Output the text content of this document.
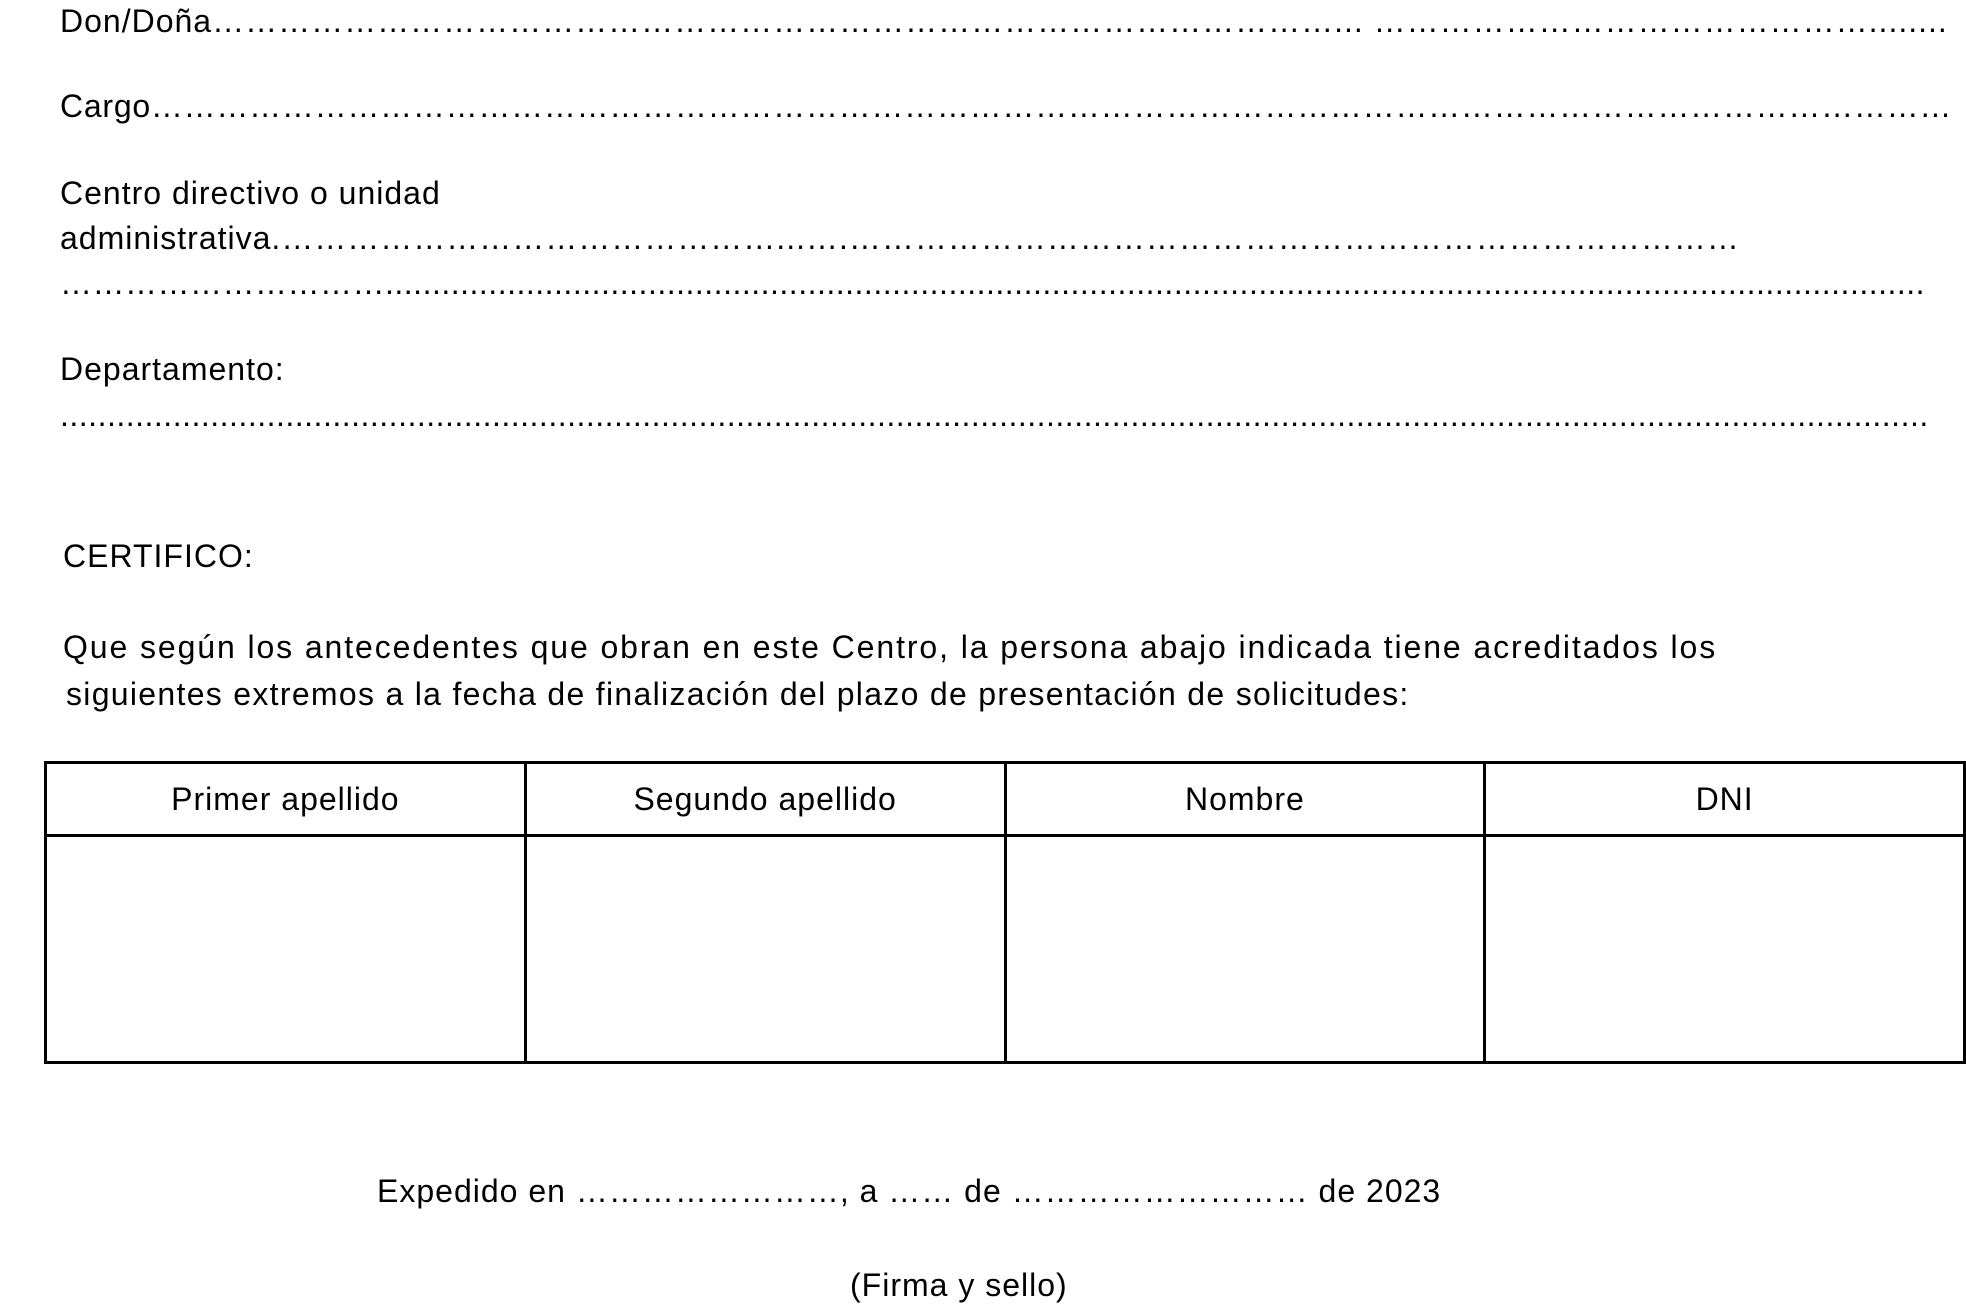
Don/Doña…………………………………………………………………………………………... ………………………………………........
Cargo…………………………………………………………………………………………………………………………………………………
Centro directivo o unidad
administrativa.………………………………………...….………………………………………………………………………
…………………………....................................................................................................................................................................
Departamento:
.......................................................................................................................................................................................................
CERTIFICO:
Que según los antecedentes que obran en este Centro, la persona abajo indicada tiene acreditados los
siguientes extremos a la fecha de finalización del plazo de presentación de solicitudes:
Primer apellido	Segundo apellido	Nombre	DNI

Expedido en ……………………, a …… de ……………………… de 2023
(Firma y sello)
